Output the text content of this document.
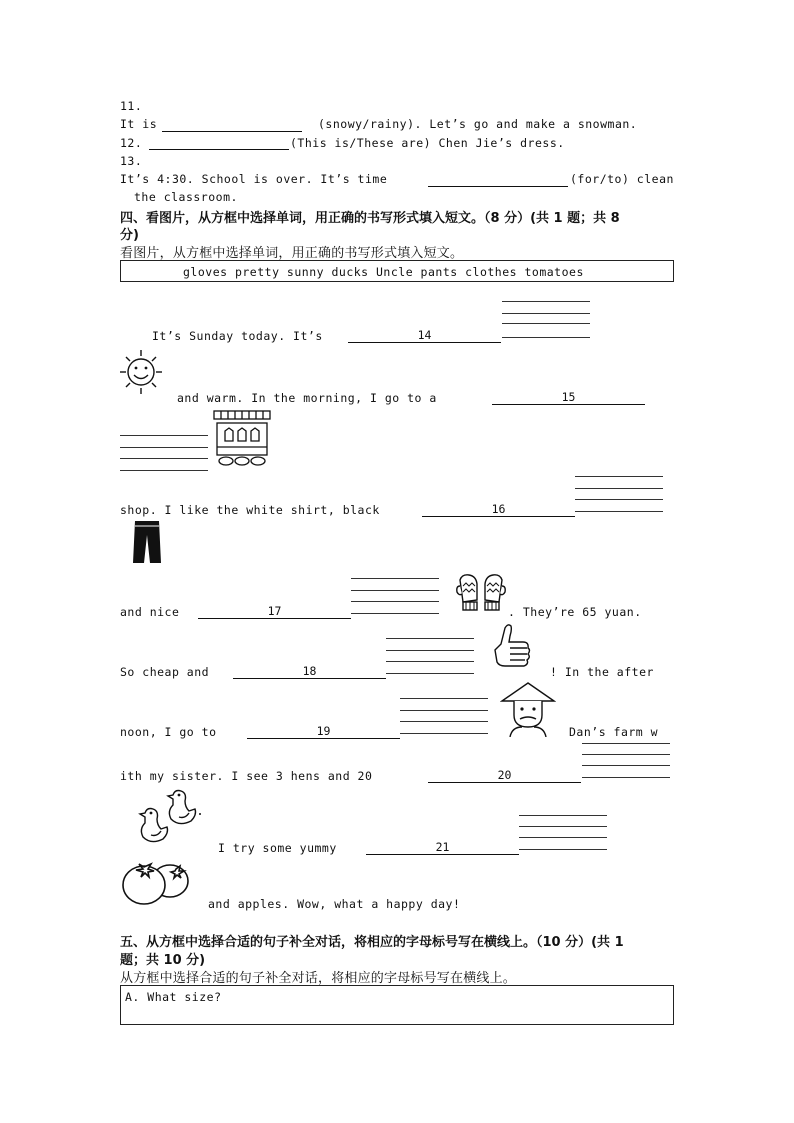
11.
It is	(snowy/rainy). Let’s go and make a snowman.
12.	(This is/These are) Chen Jie’s dress.
13.
It’s 4:30. School is over. It’s time	(for/to) clean
the classroom.
四、看图片，从方框中选择单词，用正确的书写形式填入短文。（8 分）(共 1 题；共 8
分)
看图片，从方框中选择单词，用正确的书写形式填入短文。
gloves pretty sunny ducks Uncle pants clothes tomatoes
It’s Sunday today. It’s	14
and warm. In the morning, I go to a	15
shop. I like the white shirt, black	16
and nice	17	. They’re 65 yuan.
So cheap and	18	! In the after
noon, I go to	19	Dan’s farm w
ith my sister. I see 3 hens and 20	20
I try some yummy	21
and apples. Wow, what a happy day!
五、从方框中选择合适的句子补全对话，将相应的字母标号写在横线上。（10 分）(共 1
题；共 10 分)
从方框中选择合适的句子补全对话，将相应的字母标号写在横线上。
A. What size?
